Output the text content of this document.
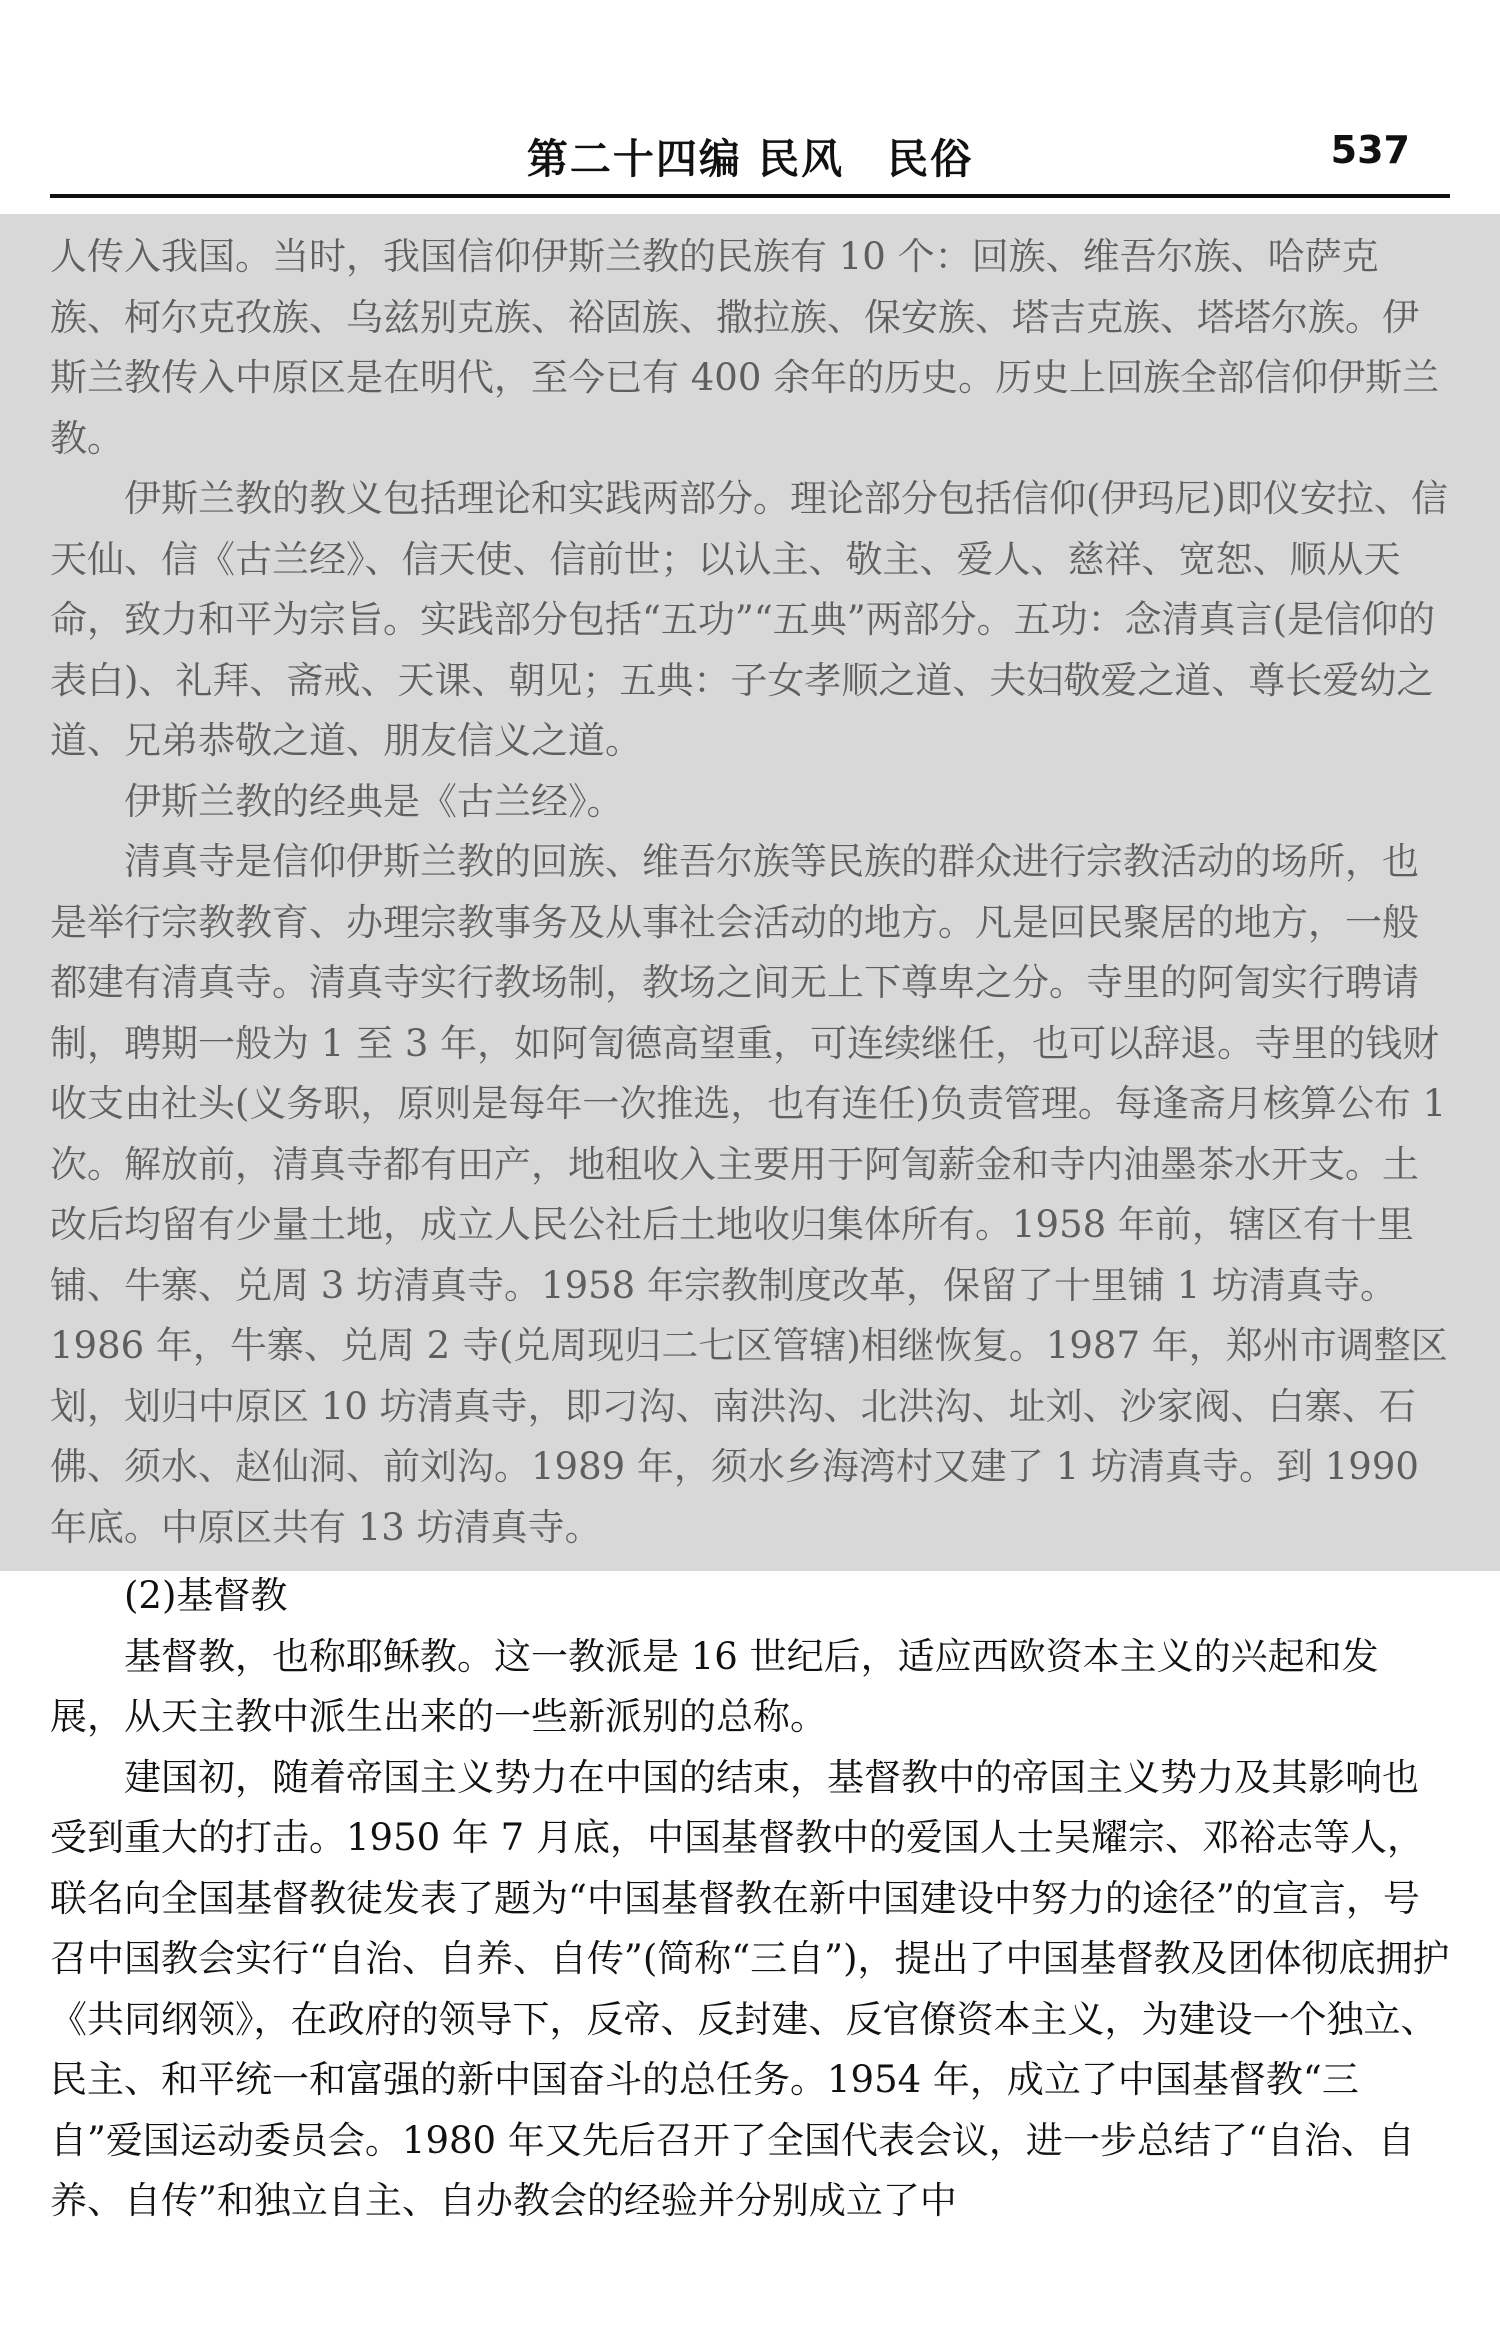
第二十四编 民风　民俗	537

人传入我国。当时，我国信仰伊斯兰教的民族有 10 个：回族、维吾尔族、哈萨克族、柯尔克孜族、乌兹别克族、裕固族、撒拉族、保安族、塔吉克族、塔塔尔族。伊斯兰教传入中原区是在明代，至今已有 400 余年的历史。历史上回族全部信仰伊斯兰教。

伊斯兰教的教义包括理论和实践两部分。理论部分包括信仰(伊玛尼)即仪安拉、信天仙、信《古兰经》、信天使、信前世；以认主、敬主、爱人、慈祥、宽恕、顺从天命，致力和平为宗旨。实践部分包括“五功”“五典”两部分。五功：念清真言(是信仰的表白)、礼拜、斋戒、天课、朝见；五典：子女孝顺之道、夫妇敬爱之道、尊长爱幼之道、兄弟恭敬之道、朋友信义之道。

伊斯兰教的经典是《古兰经》。

清真寺是信仰伊斯兰教的回族、维吾尔族等民族的群众进行宗教活动的场所，也是举行宗教教育、办理宗教事务及从事社会活动的地方。凡是回民聚居的地方，一般都建有清真寺。清真寺实行教场制，教场之间无上下尊卑之分。寺里的阿訇实行聘请制，聘期一般为 1 至 3 年，如阿訇德高望重，可连续继任，也可以辞退。寺里的钱财收支由社头(义务职，原则是每年一次推选，也有连任)负责管理。每逢斋月核算公布 1 次。解放前，清真寺都有田产，地租收入主要用于阿訇薪金和寺内油墨茶水开支。土改后均留有少量土地，成立人民公社后土地收归集体所有。1958 年前，辖区有十里铺、牛寨、兑周 3 坊清真寺。1958 年宗教制度改革，保留了十里铺 1 坊清真寺。1986 年，牛寨、兑周 2 寺(兑周现归二七区管辖)相继恢复。1987 年，郑州市调整区划，划归中原区 10 坊清真寺，即刁沟、南洪沟、北洪沟、址刘、沙家阀、白寨、石佛、须水、赵仙洞、前刘沟。1989 年，须水乡海湾村又建了 1 坊清真寺。到 1990 年底。中原区共有 13 坊清真寺。

(2)基督教

基督教，也称耶稣教。这一教派是 16 世纪后，适应西欧资本主义的兴起和发展，从天主教中派生出来的一些新派别的总称。

建国初，随着帝国主义势力在中国的结束，基督教中的帝国主义势力及其影响也受到重大的打击。1950 年 7 月底，中国基督教中的爱国人士吴耀宗、邓裕志等人，联名向全国基督教徒发表了题为“中国基督教在新中国建设中努力的途径”的宣言，号召中国教会实行“自治、自养、自传”(简称“三自”)，提出了中国基督教及团体彻底拥护《共同纲领》，在政府的领导下，反帝、反封建、反官僚资本主义，为建设一个独立、民主、和平统一和富强的新中国奋斗的总任务。1954 年，成立了中国基督教“三自”爱国运动委员会。1980 年又先后召开了全国代表会议，进一步总结了“自治、自养、自传”和独立自主、自办教会的经验并分别成立了中
